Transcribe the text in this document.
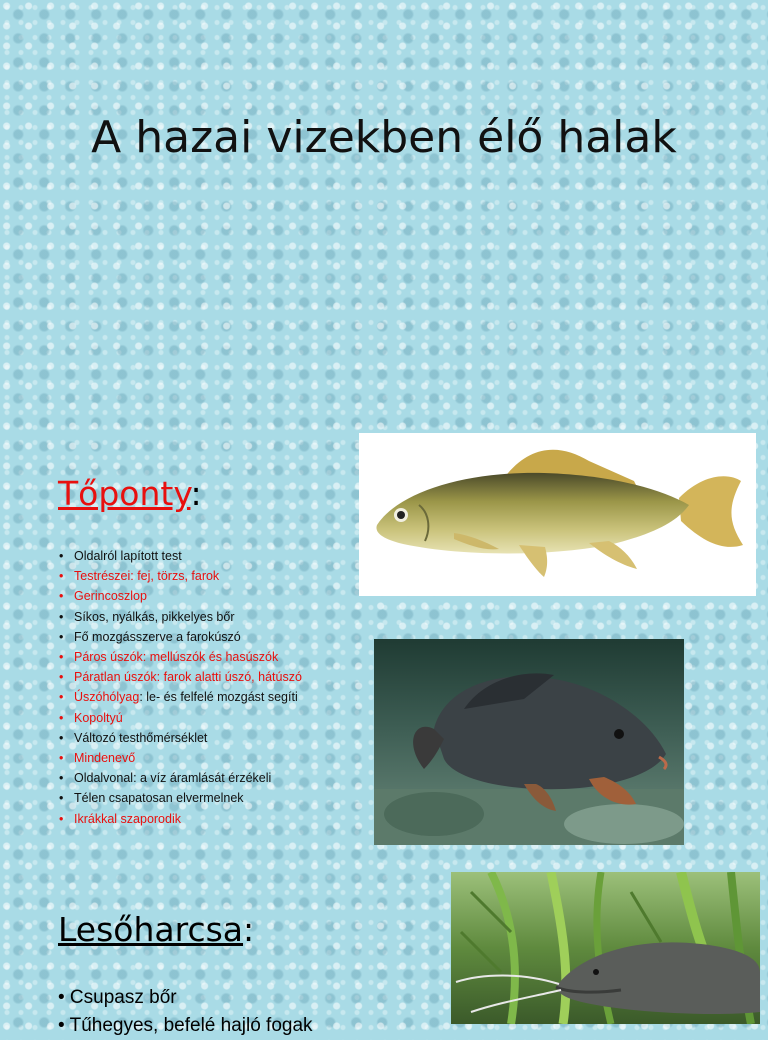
A hazai vizekben élő halak
Tőponty:
• Oldalról lapított test
• Testrészei: fej, törzs, farok
• Gerincoszlop
• Síkos, nyálkás, pikkelyes bőr
• Fő mozgásszerve a farokúszó
• Páros úszók: mellúszók és hasúszók
• Páratlan úszók: farok alatti úszó, hátúszó
• Úszóhólyag: le- és felfelé mozgást segíti
• Kopoltyú
• Változó testhőmérséklet
• Mindenevő
• Oldalvonal: a víz áramlását érzékeli
• Télen csapatosan elvermelnek
• Ikrákkal szaporodik
Lesőharcsa:
• Csupasz bőr
• Tűhegyes, befelé hajló fogak
